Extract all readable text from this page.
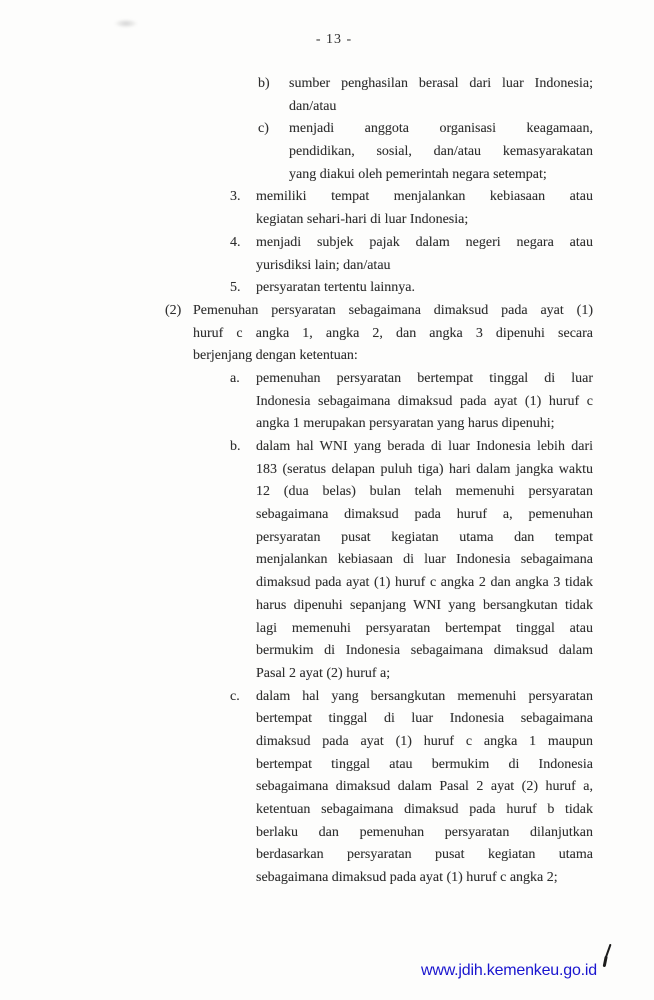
- 13 -
b)	sumber penghasilan berasal dari luar Indonesia;
dan/atau
c)	menjadi anggota organisasi keagamaan,
pendidikan, sosial, dan/atau kemasyarakatan
yang diakui oleh pemerintah negara setempat;
3.	memiliki tempat menjalankan kebiasaan atau
kegiatan sehari-hari di luar Indonesia;
4.	menjadi subjek pajak dalam negeri negara atau
yurisdiksi lain; dan/atau
5.	persyaratan tertentu lainnya.
(2) Pemenuhan persyaratan sebagaimana dimaksud pada ayat (1)
huruf c angka 1, angka 2, dan angka 3 dipenuhi secara
berjenjang dengan ketentuan:
a.	pemenuhan persyaratan bertempat tinggal di luar
Indonesia sebagaimana dimaksud pada ayat (1) huruf c
angka 1 merupakan persyaratan yang harus dipenuhi;
b.	dalam hal WNI yang berada di luar Indonesia lebih dari
183 (seratus delapan puluh tiga) hari dalam jangka waktu
12 (dua belas) bulan telah memenuhi persyaratan
sebagaimana dimaksud pada huruf a, pemenuhan
persyaratan pusat kegiatan utama dan tempat
menjalankan kebiasaan di luar Indonesia sebagaimana
dimaksud pada ayat (1) huruf c angka 2 dan angka 3 tidak
harus dipenuhi sepanjang WNI yang bersangkutan tidak
lagi memenuhi persyaratan bertempat tinggal atau
bermukim di Indonesia sebagaimana dimaksud dalam
Pasal 2 ayat (2) huruf a;
c.	dalam hal yang bersangkutan memenuhi persyaratan
bertempat tinggal di luar Indonesia sebagaimana
dimaksud pada ayat (1) huruf c angka 1 maupun
bertempat tinggal atau bermukim di Indonesia
sebagaimana dimaksud dalam Pasal 2 ayat (2) huruf a,
ketentuan sebagaimana dimaksud pada huruf b tidak
berlaku dan pemenuhan persyaratan dilanjutkan
berdasarkan persyaratan pusat kegiatan utama
sebagaimana dimaksud pada ayat (1) huruf c angka 2;
www.jdih.kemenkeu.go.id
